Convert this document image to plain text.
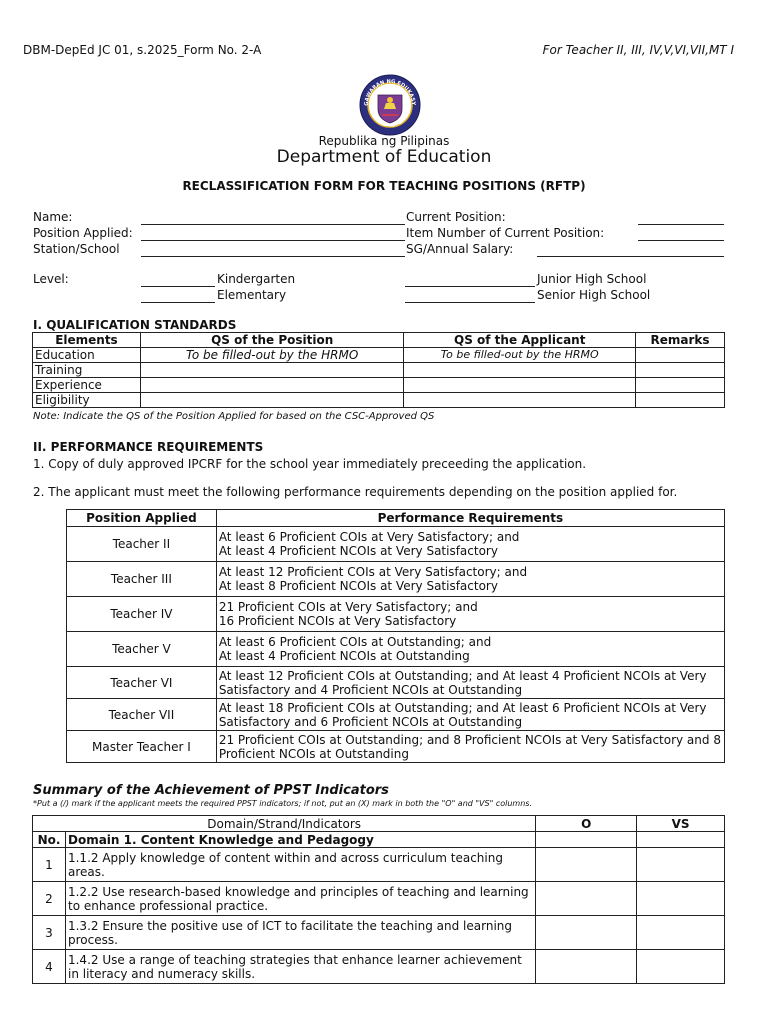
DBM-DepEd JC 01, s.2025_Form No. 2-A	For Teacher II, III, IV,V,VI,VII,MT I
GAWARAN NG EDUKASY
REPUBLIKA NG PILIPINAS
Republika ng Pilipinas
Department of Education
RECLASSIFICATION FORM FOR TEACHING POSITIONS (RFTP)
Name:
Position Applied:
Station/School
Current Position:
Item Number of Current Position:
SG/Annual Salary:
Level:	Kindergarten
Elementary
Junior High School
Senior High School
I. QUALIFICATION STANDARDS
Elements	QS of the Position	QS of the Applicant	Remarks
Education	To be filled-out by the HRMO	To be filled-out by the HRMO	
Training			
Experience			
Eligibility			
Note: Indicate the QS of the Position Applied for based on the CSC-Approved QS
II. PERFORMANCE REQUIREMENTS
1. Copy of duly approved IPCRF for the school year immediately preceeding the application.
2. The applicant must meet the following performance requirements depending on the position applied for.
Position Applied	Performance Requirements
Teacher II	At least 6 Proficient COIs at Very Satisfactory; and
At least 4 Proficient NCOIs at Very Satisfactory

Teacher III	At least 12 Proficient COIs at Very Satisfactory; and
At least 8 Proficient NCOIs at Very Satisfactory

Teacher IV	21 Proficient COIs at Very Satisfactory; and
16 Proficient NCOIs at Very Satisfactory

Teacher V	At least 6 Proficient COIs at Outstanding; and
At least 4 Proficient NCOIs at Outstanding

Teacher VI	At least 12 Proficient COIs at Outstanding; and At least 4 Proficient NCOIs at Very
Satisfactory and 4 Proficient NCOIs at Outstanding

Teacher VII	At least 18 Proficient COIs at Outstanding; and At least 6 Proficient NCOIs at Very
Satisfactory and 6 Proficient NCOIs at Outstanding

Master Teacher I	21 Proficient COIs at Outstanding; and 8 Proficient NCOIs at Very Satisfactory and 8
Proficient NCOIs at Outstanding
Summary of the Achievement of PPST Indicators
*Put a (/) mark if the applicant meets the required PPST indicators; if not, put an (X) mark in both the "O" and "VS" columns.
Domain/Strand/Indicators		O	VS
No.	Domain 1. Content Knowledge and Pedagogy		
1	1.1.2 Apply knowledge of content within and across curriculum teaching
areas.		

2	1.2.2 Use research-based knowledge and principles of teaching and learning
to enhance professional practice.		

3	1.3.2 Ensure the positive use of ICT to facilitate the teaching and learning
process.		

4	1.4.2 Use a range of teaching strategies that enhance learner achievement
in literacy and numeracy skills.		
